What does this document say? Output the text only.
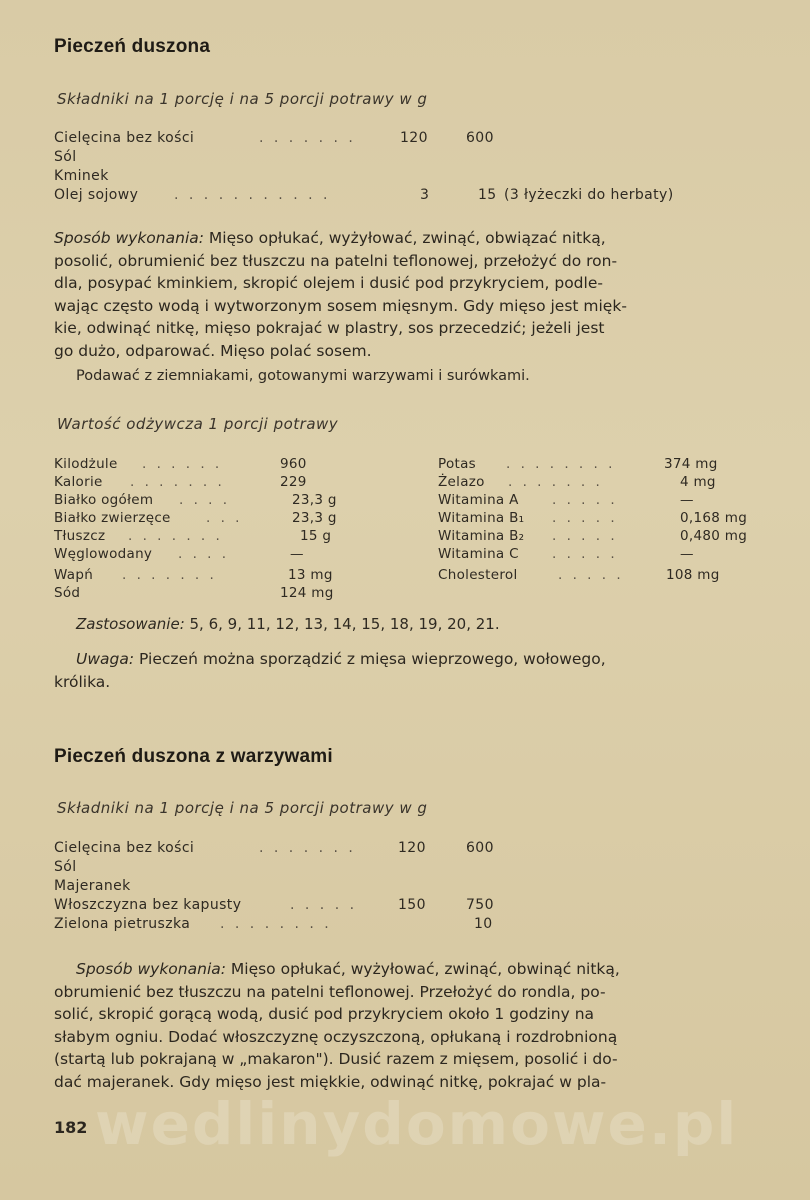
Pieczeń duszona
Składniki na 1 porcję i na 5 porcji potrawy w g
Cielęcina bez kości	. . . . . . .	120	600
Sól
Kminek
Olej sojowy	. . . . . . . . . . .	3	15 (3 łyżeczki do herbaty)
Sposób wykonania: Mięso opłukać, wyżyłować, zwinąć, obwiązać nitką,
posolić, obrumienić bez tłuszczu na patelni teflonowej, przełożyć do ron-
dla, posypać kminkiem, skropić olejem i dusić pod przykryciem, podle-
wając często wodą i wytworzonym sosem mięsnym. Gdy mięso jest mięk-
kie, odwinąć nitkę, mięso pokrajać w plastry, sos przecedzić; jeżeli jest
go dużo, odparować. Mięso polać sosem.
Podawać z ziemniakami, gotowanymi warzywami i surówkami.
Wartość odżywcza 1 porcji potrawy
Kilodżule . . . . . .	960
Kalorie . . . . . . .	229
Białko ogółem . . . .	23,3 g
Białko zwierzęce	. . .	23,3 g
Tłuszcz . . . . . . .	15 g
Węglowodany . . . .	—
Wapń . . . . . . .	13 mg
Sód	124 mg
Potas . . . . . . . .	374 mg
Żelazo . . . . . . .	4 mg
Witamina A . . . . .	—
Witamina B₁ . . . . .	0,168 mg
Witamina B₂ . . . . .	0,480 mg
Witamina C . . . . .	—
Cholesterol	. . . . .	108 mg
Zastosowanie: 5, 6, 9, 11, 12, 13, 14, 15, 18, 19, 20, 21.
Uwaga: Pieczeń można sporządzić z mięsa wieprzowego, wołowego,
królika.
Pieczeń duszona z warzywami
Składniki na 1 porcję i na 5 porcji potrawy w g
Cielęcina bez kości	. . . . . . .	120	600
Sól
Majeranek
Włoszczyzna bez kapusty	. . . . .	150	750
Zielona pietruszka . . . . . . . .	10
Sposób wykonania: Mięso opłukać, wyżyłować, zwinąć, obwinąć nitką,
obrumienić bez tłuszczu na patelni teflonowej. Przełożyć do rondla, po-
solić, skropić gorącą wodą, dusić pod przykryciem około 1 godziny na
słabym ogniu. Dodać włoszczyznę oczyszczoną, opłukaną i rozdrobnioną
(startą lub pokrajaną w „makaron"). Dusić razem z mięsem, posolić i do-
dać majeranek. Gdy mięso jest miękkie, odwinąć nitkę, pokrajać w pla-
wedlinydomowe.pl
182
